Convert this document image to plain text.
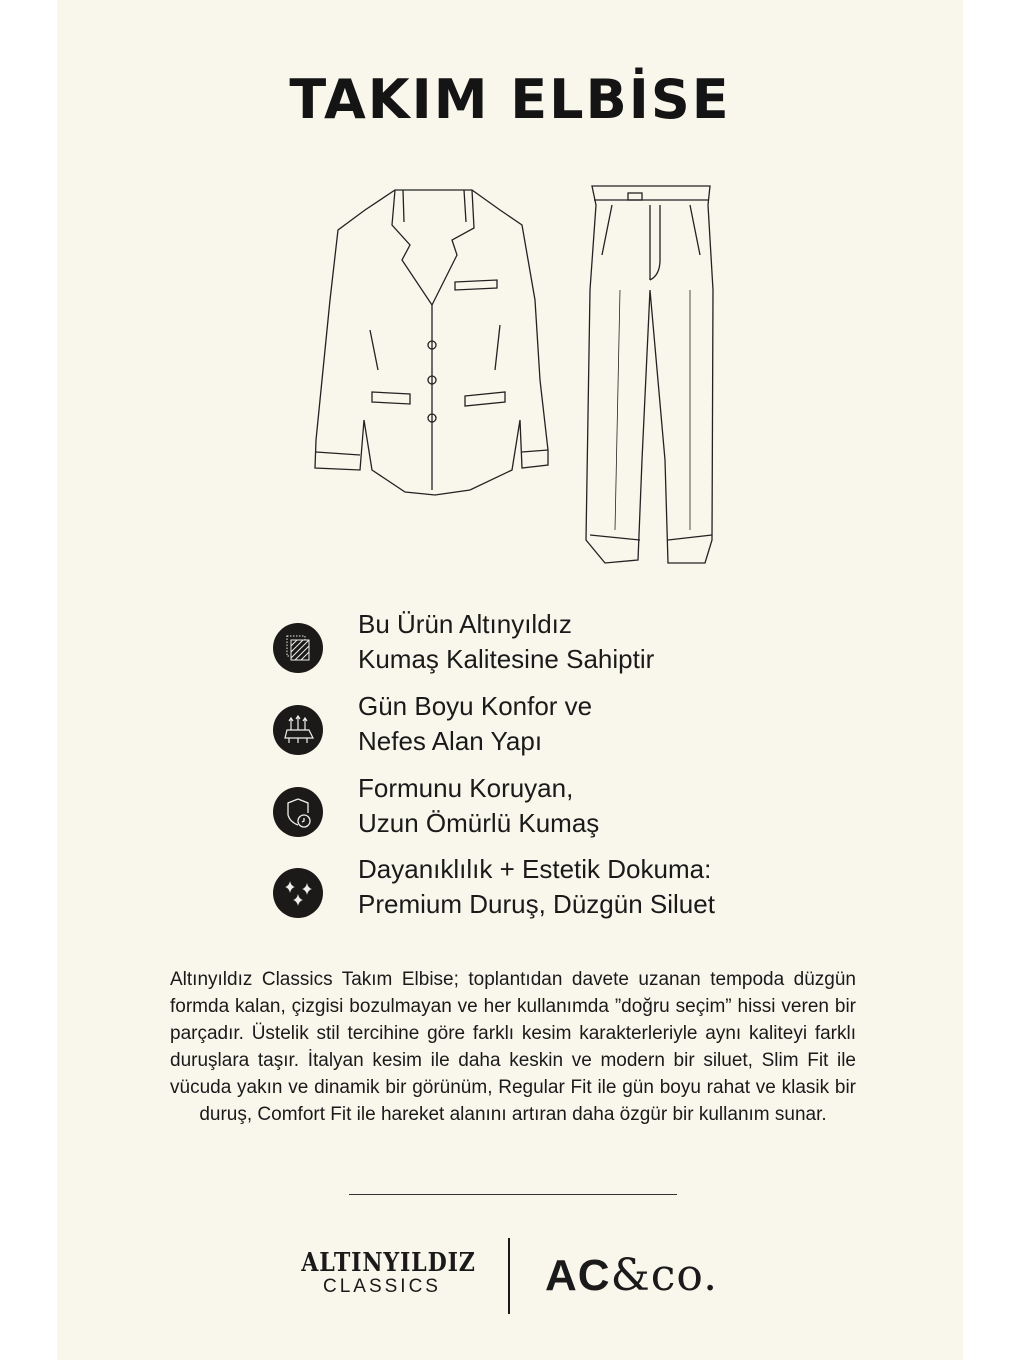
TAKIM ELBİSE
Bu Ürün Altınyıldız
Kumaş Kalitesine Sahiptir
Gün Boyu Konfor ve
Nefes Alan Yapı
Formunu Koruyan,
Uzun Ömürlü Kumaş
Dayanıklılık + Estetik Dokuma:
Premium Duruş, Düzgün Siluet
Altınyıldız Classics Takım Elbise; toplantıdan davete uzanan tempoda düzgün formda kalan, çizgisi bozulmayan ve her kullanımda ”doğru seçim” hissi veren bir parçadır. Üstelik stil tercihine göre farklı kesim karakterleriyle aynı kaliteyi farklı duruşlara taşır. İtalyan kesim ile daha keskin ve modern bir siluet, Slim Fit ile vücuda yakın ve dinamik bir görünüm, Regular Fit ile gün boyu rahat ve klasik bir duruş, Comfort Fit ile hareket alanını artıran daha özgür bir kullanım sunar.
ALTINYILDIZ
CLASSICS	AC&co.
